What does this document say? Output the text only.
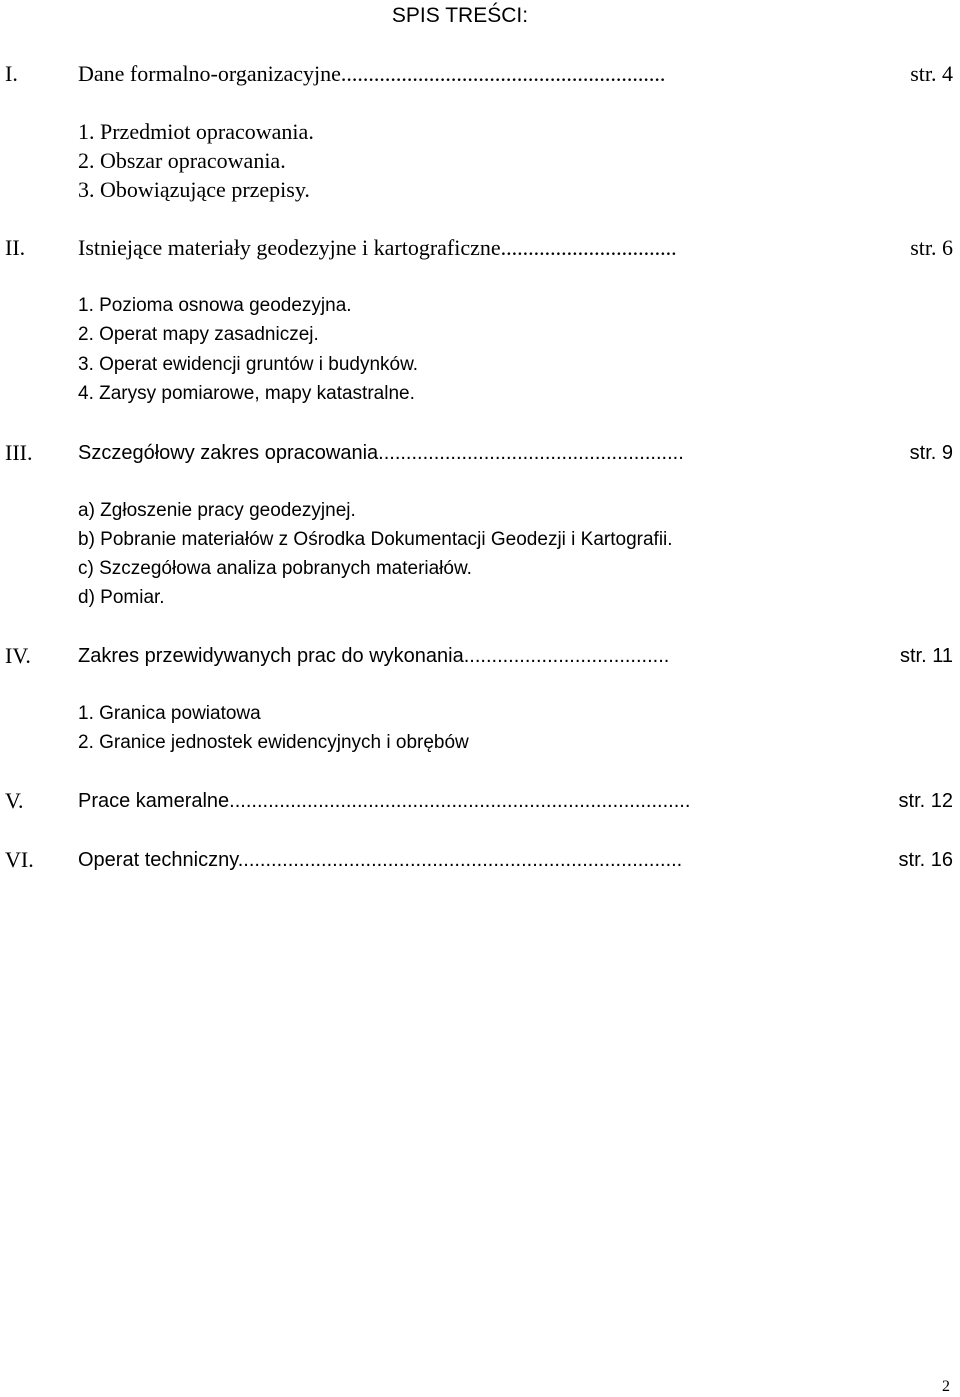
SPIS TREŚCI:
I.	Dane formalno-organizacyjne...........................................................	str. 4
1. Przedmiot opracowania.
2. Obszar opracowania.
3. Obowiązujące przepisy.
II. Istniejące materiały geodezyjne i kartograficzne................................	str. 6
1. Pozioma osnowa geodezyjna.
2. Operat mapy zasadniczej.
3. Operat ewidencji gruntów i budynków.
4. Zarysy pomiarowe, mapy katastralne.
III. Szczegółowy zakres opracowania.......................................................	str. 9
a) Zgłoszenie pracy geodezyjnej.
b) Pobranie materiałów z Ośrodka Dokumentacji Geodezji i Kartografii.
c) Szczegółowa analiza pobranych materiałów.
d) Pomiar.
IV. Zakres przewidywanych prac do wykonania.....................................	str. 11
1. Granica powiatowa
2. Granice jednostek ewidencyjnych i obrębów
V.	Prace kameralne...................................................................................	str. 12
VI. Operat techniczny................................................................................	str. 16
2
